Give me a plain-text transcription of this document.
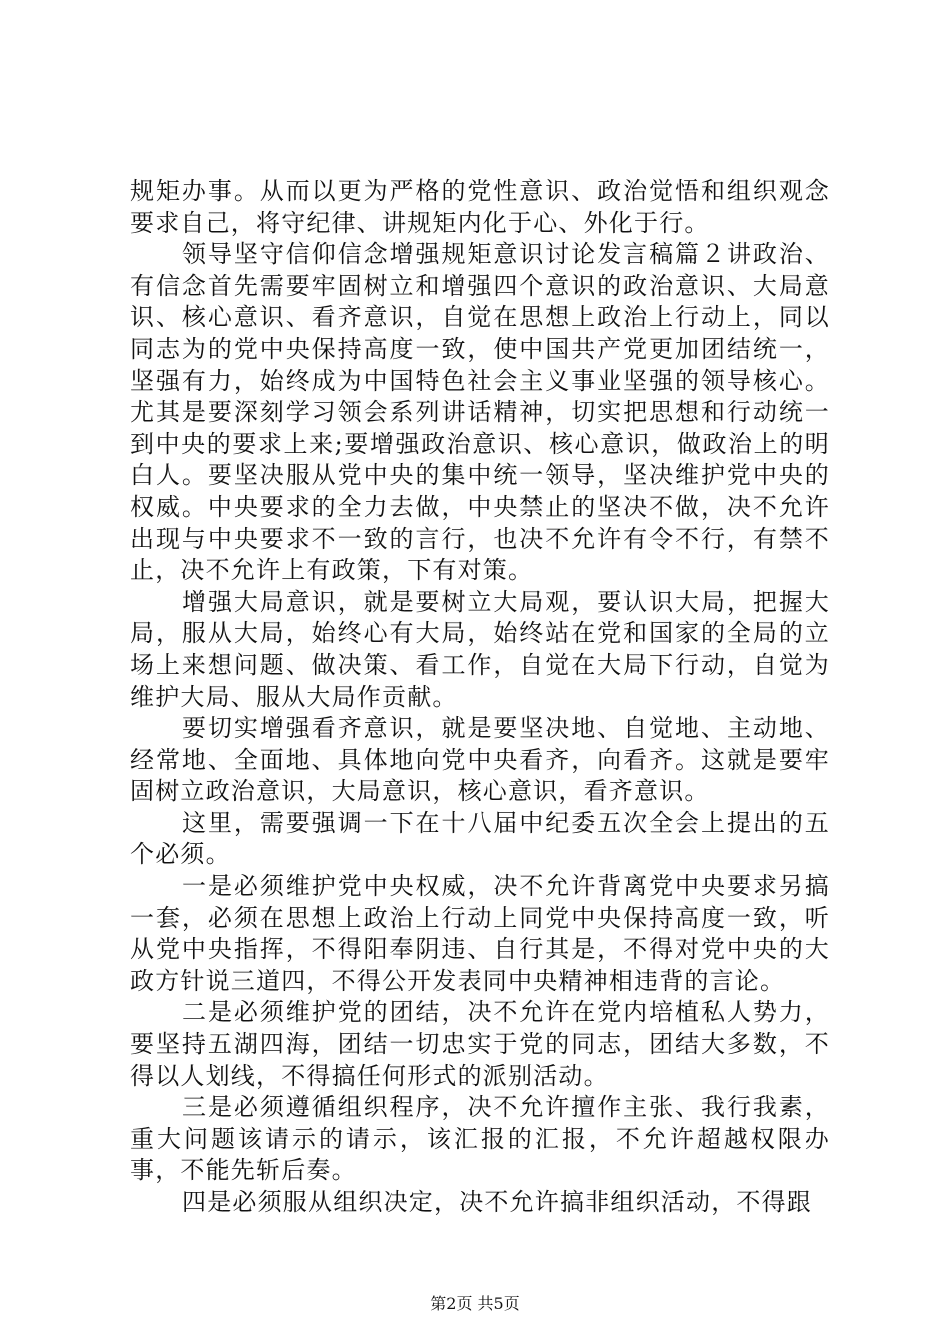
规矩办事。从而以更为严格的党性意识、政治觉悟和组织观念要求自己，将守纪律、讲规矩内化于心、外化于行。

领导坚守信仰信念增强规矩意识讨论发言稿篇２讲政治、有信念首先需要牢固树立和增强四个意识的政治意识、大局意识、核心意识、看齐意识，自觉在思想上政治上行动上，同以同志为的党中央保持高度一致，使中国共产党更加团结统一，坚强有力，始终成为中国特色社会主义事业坚强的领导核心。尤其是要深刻学习领会系列讲话精神，切实把思想和行动统一到中央的要求上来;要增强政治意识、核心意识，做政治上的明白人。要坚决服从党中央的集中统一领导，坚决维护党中央的权威。中央要求的全力去做，中央禁止的坚决不做，决不允许出现与中央要求不一致的言行，也决不允许有令不行，有禁不止，决不允许上有政策，下有对策。

增强大局意识，就是要树立大局观，要认识大局，把握大局，服从大局，始终心有大局，始终站在党和国家的全局的立场上来想问题、做决策、看工作，自觉在大局下行动，自觉为维护大局、服从大局作贡献。

要切实增强看齐意识，就是要坚决地、自觉地、主动地、经常地、全面地、具体地向党中央看齐，向看齐。这就是要牢固树立政治意识，大局意识，核心意识，看齐意识。

这里，需要强调一下在十八届中纪委五次全会上提出的五个必须。

一是必须维护党中央权威，决不允许背离党中央要求另搞一套，必须在思想上政治上行动上同党中央保持高度一致，听从党中央指挥，不得阳奉阴违、自行其是，不得对党中央的大政方针说三道四，不得公开发表同中央精神相违背的言论。

二是必须维护党的团结，决不允许在党内培植私人势力，要坚持五湖四海，团结一切忠实于党的同志，团结大多数，不得以人划线，不得搞任何形式的派别活动。

三是必须遵循组织程序，决不允许擅作主张、我行我素，重大问题该请示的请示，该汇报的汇报，不允许超越权限办事，不能先斩后奏。

四是必须服从组织决定，决不允许搞非组织活动，不得跟

第2页 共5页
